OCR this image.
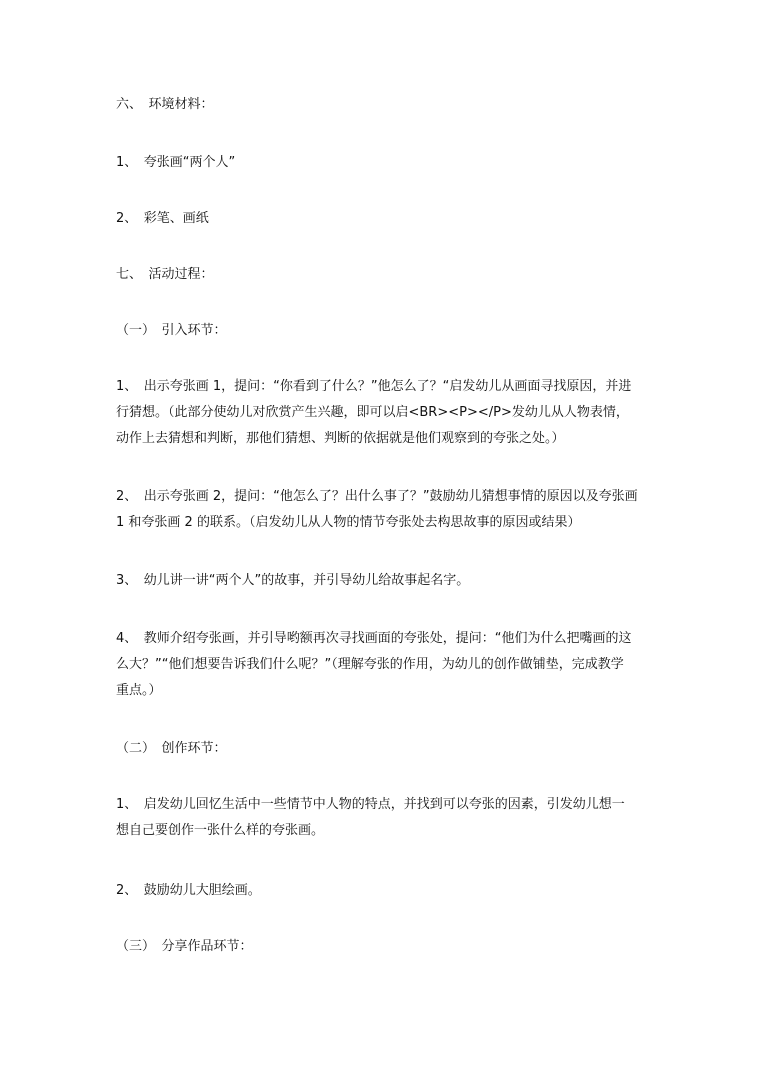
六、　环境材料：
1、　夸张画“两个人”
2、　彩笔、画纸
七、　活动过程：
（一）　引入环节：
1、　出示夸张画 1，提问：“你看到了什么？”他怎么了？“启发幼儿从画面寻找原因，并进
行猜想。（此部分使幼儿对欣赏产生兴趣，即可以启<BR><P></P>发幼儿从人物表情，
动作上去猜想和判断，那他们猜想、判断的依据就是他们观察到的夸张之处。）
2、　出示夸张画 2，提问：“他怎么了？出什么事了？”鼓励幼儿猜想事情的原因以及夸张画
1 和夸张画 2 的联系。（启发幼儿从人物的情节夸张处去构思故事的原因或结果）
3、　幼儿讲一讲“两个人”的故事，并引导幼儿给故事起名字。
4、　教师介绍夸张画，并引导哟额再次寻找画面的夸张处，提问：“他们为什么把嘴画的这
么大？”“他们想要告诉我们什么呢？”（理解夸张的作用，为幼儿的创作做铺垫，完成教学
重点。）
（二）　创作环节：
1、　启发幼儿回忆生活中一些情节中人物的特点，并找到可以夸张的因素，引发幼儿想一
想自己要创作一张什么样的夸张画。
2、　鼓励幼儿大胆绘画。
（三）　分享作品环节：
